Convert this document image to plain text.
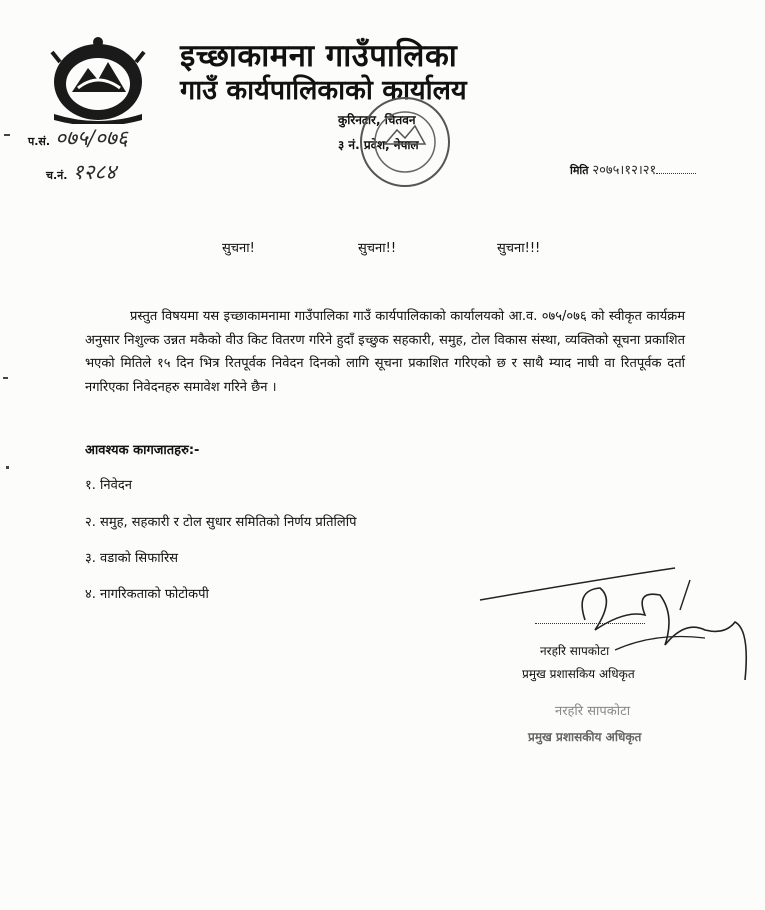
इच्छाकामना गाउँपालिका
गाउँ कार्यपालिकाको कार्यालय
कुरिनटार, चितवन
३ नं. प्रदेश, नेपाल
प.सं. ०७५/०७६
च.नं. १२८४	मिति २०७५।१२।२१
सुचना!	सुचना!!	सुचना!!!
प्रस्तुत विषयमा यस इच्छाकामनामा गाउँपालिका गाउँ कार्यपालिकाको कार्यालयको आ.व. ०७५/०७६ को स्वीकृत कार्यक्रम अनुसार निशुल्क उन्नत मकैको वीउ किट वितरण गरिने हुदाँ इच्छुक सहकारी, समुह, टोल विकास संस्था, व्यक्तिको सूचना प्रकाशित भएको मितिले १५ दिन भित्र रितपूर्वक निवेदन दिनको लागि सूचना प्रकाशित गरिएको छ र साथै म्याद नाघी वा रितपूर्वक दर्ता नगरिएका निवेदनहरु समावेश गरिने छैन ।
आवश्यक कागजातहरु:-
१. निवेदन
२. समुह, सहकारी र टोल सुधार समितिको निर्णय प्रतिलिपि
३. वडाको सिफारिस
४. नागरिकताको फोटोकपी
नरहरि सापकोटा
प्रमुख प्रशासकिय अधिकृत
नरहरि सापकोटा
प्रमुख प्रशासकीय अधिकृत
